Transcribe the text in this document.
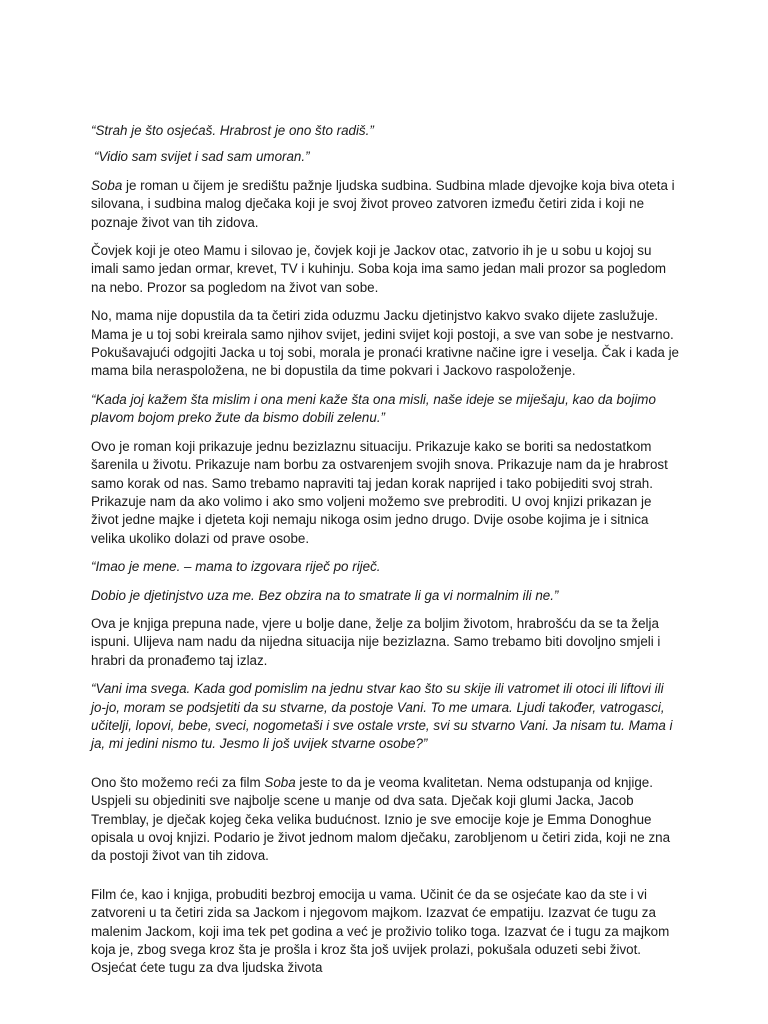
“Strah je što osjećaš. Hrabrost je ono što radiš.”

“Vidio sam svijet i sad sam umoran.”

Soba je roman u čijem je središtu pažnje ljudska sudbina. Sudbina mlade djevojke koja biva oteta i silovana, i sudbina malog dječaka koji je svoj život proveo zatvoren između četiri zida i koji ne poznaje život van tih zidova.

Čovjek koji je oteo Mamu i silovao je, čovjek koji je Jackov otac, zatvorio ih je u sobu u kojoj su imali samo jedan ormar, krevet, TV i kuhinju. Soba koja ima samo jedan mali prozor sa pogledom na nebo. Prozor sa pogledom na život van sobe.

No, mama nije dopustila da ta četiri zida oduzmu Jacku djetinjstvo kakvo svako dijete zaslužuje. Mama je u toj sobi kreirala samo njihov svijet, jedini svijet koji postoji, a sve van sobe je nestvarno. Pokušavajući odgojiti Jacka u toj sobi, morala je pronaći krativne načine igre i veselja. Čak i kada je mama bila neraspoložena, ne bi dopustila da time pokvari i Jackovo raspoloženje.

“Kada joj kažem šta mislim i ona meni kaže šta ona misli, naše ideje se miješaju, kao da bojimo plavom bojom preko žute da bismo dobili zelenu.”

Ovo je roman koji prikazuje jednu bezizlaznu situaciju. Prikazuje kako se boriti sa nedostatkom šarenila u životu. Prikazuje nam borbu za ostvarenjem svojih snova. Prikazuje nam da je hrabrost samo korak od nas. Samo trebamo napraviti taj jedan korak naprijed i tako pobijediti svoj strah. Prikazuje nam da ako volimo i ako smo voljeni možemo sve prebroditi. U ovoj knjizi prikazan je život jedne majke i djeteta koji nemaju nikoga osim jedno drugo. Dvije osobe kojima je i sitnica velika ukoliko dolazi od prave osobe.

“Imao je mene. – mama to izgovara riječ po riječ.

Dobio je djetinjstvo uza me. Bez obzira na to smatrate li ga vi normalnim ili ne.”

Ova je knjiga prepuna nade, vjere u bolje dane, želje za boljim životom, hrabrošću da se ta želja ispuni. Ulijeva nam nadu da nijedna situacija nije bezizlazna. Samo trebamo biti dovoljno smjeli i hrabri da pronađemo taj izlaz.

“Vani ima svega. Kada god pomislim na jednu stvar kao što su skije ili vatromet ili otoci ili liftovi ili jo-jo, moram se podsjetiti da su stvarne, da postoje Vani. To me umara. Ljudi također, vatrogasci, učitelji, lopovi, bebe, sveci, nogometaši i sve ostale vrste, svi su stvarno Vani. Ja nisam tu. Mama i ja, mi jedini nismo tu. Jesmo li još uvijek stvarne osobe?”

Ono što možemo reći za film Soba jeste to da je veoma kvalitetan. Nema odstupanja od knjige. Uspjeli su objediniti sve najbolje scene u manje od dva sata. Dječak koji glumi Jacka, Jacob Tremblay, je dječak kojeg čeka velika budućnost. Iznio je sve emocije koje je Emma Donoghue opisala u ovoj knjizi. Podario je život jednom malom dječaku, zarobljenom u četiri zida, koji ne zna da postoji život van tih zidova.

Film će, kao i knjiga, probuditi bezbroj emocija u vama. Učinit će da se osjećate kao da ste i vi zatvoreni u ta četiri zida sa Jackom i njegovom majkom. Izazvat će empatiju. Izazvat će tugu za malenim Jackom, koji ima tek pet godina a već je proživio toliko toga. Izazvat će i tugu za majkom koja je, zbog svega kroz šta je prošla i kroz šta još uvijek prolazi, pokušala oduzeti sebi život. Osjećat ćete tugu za dva ljudska života
